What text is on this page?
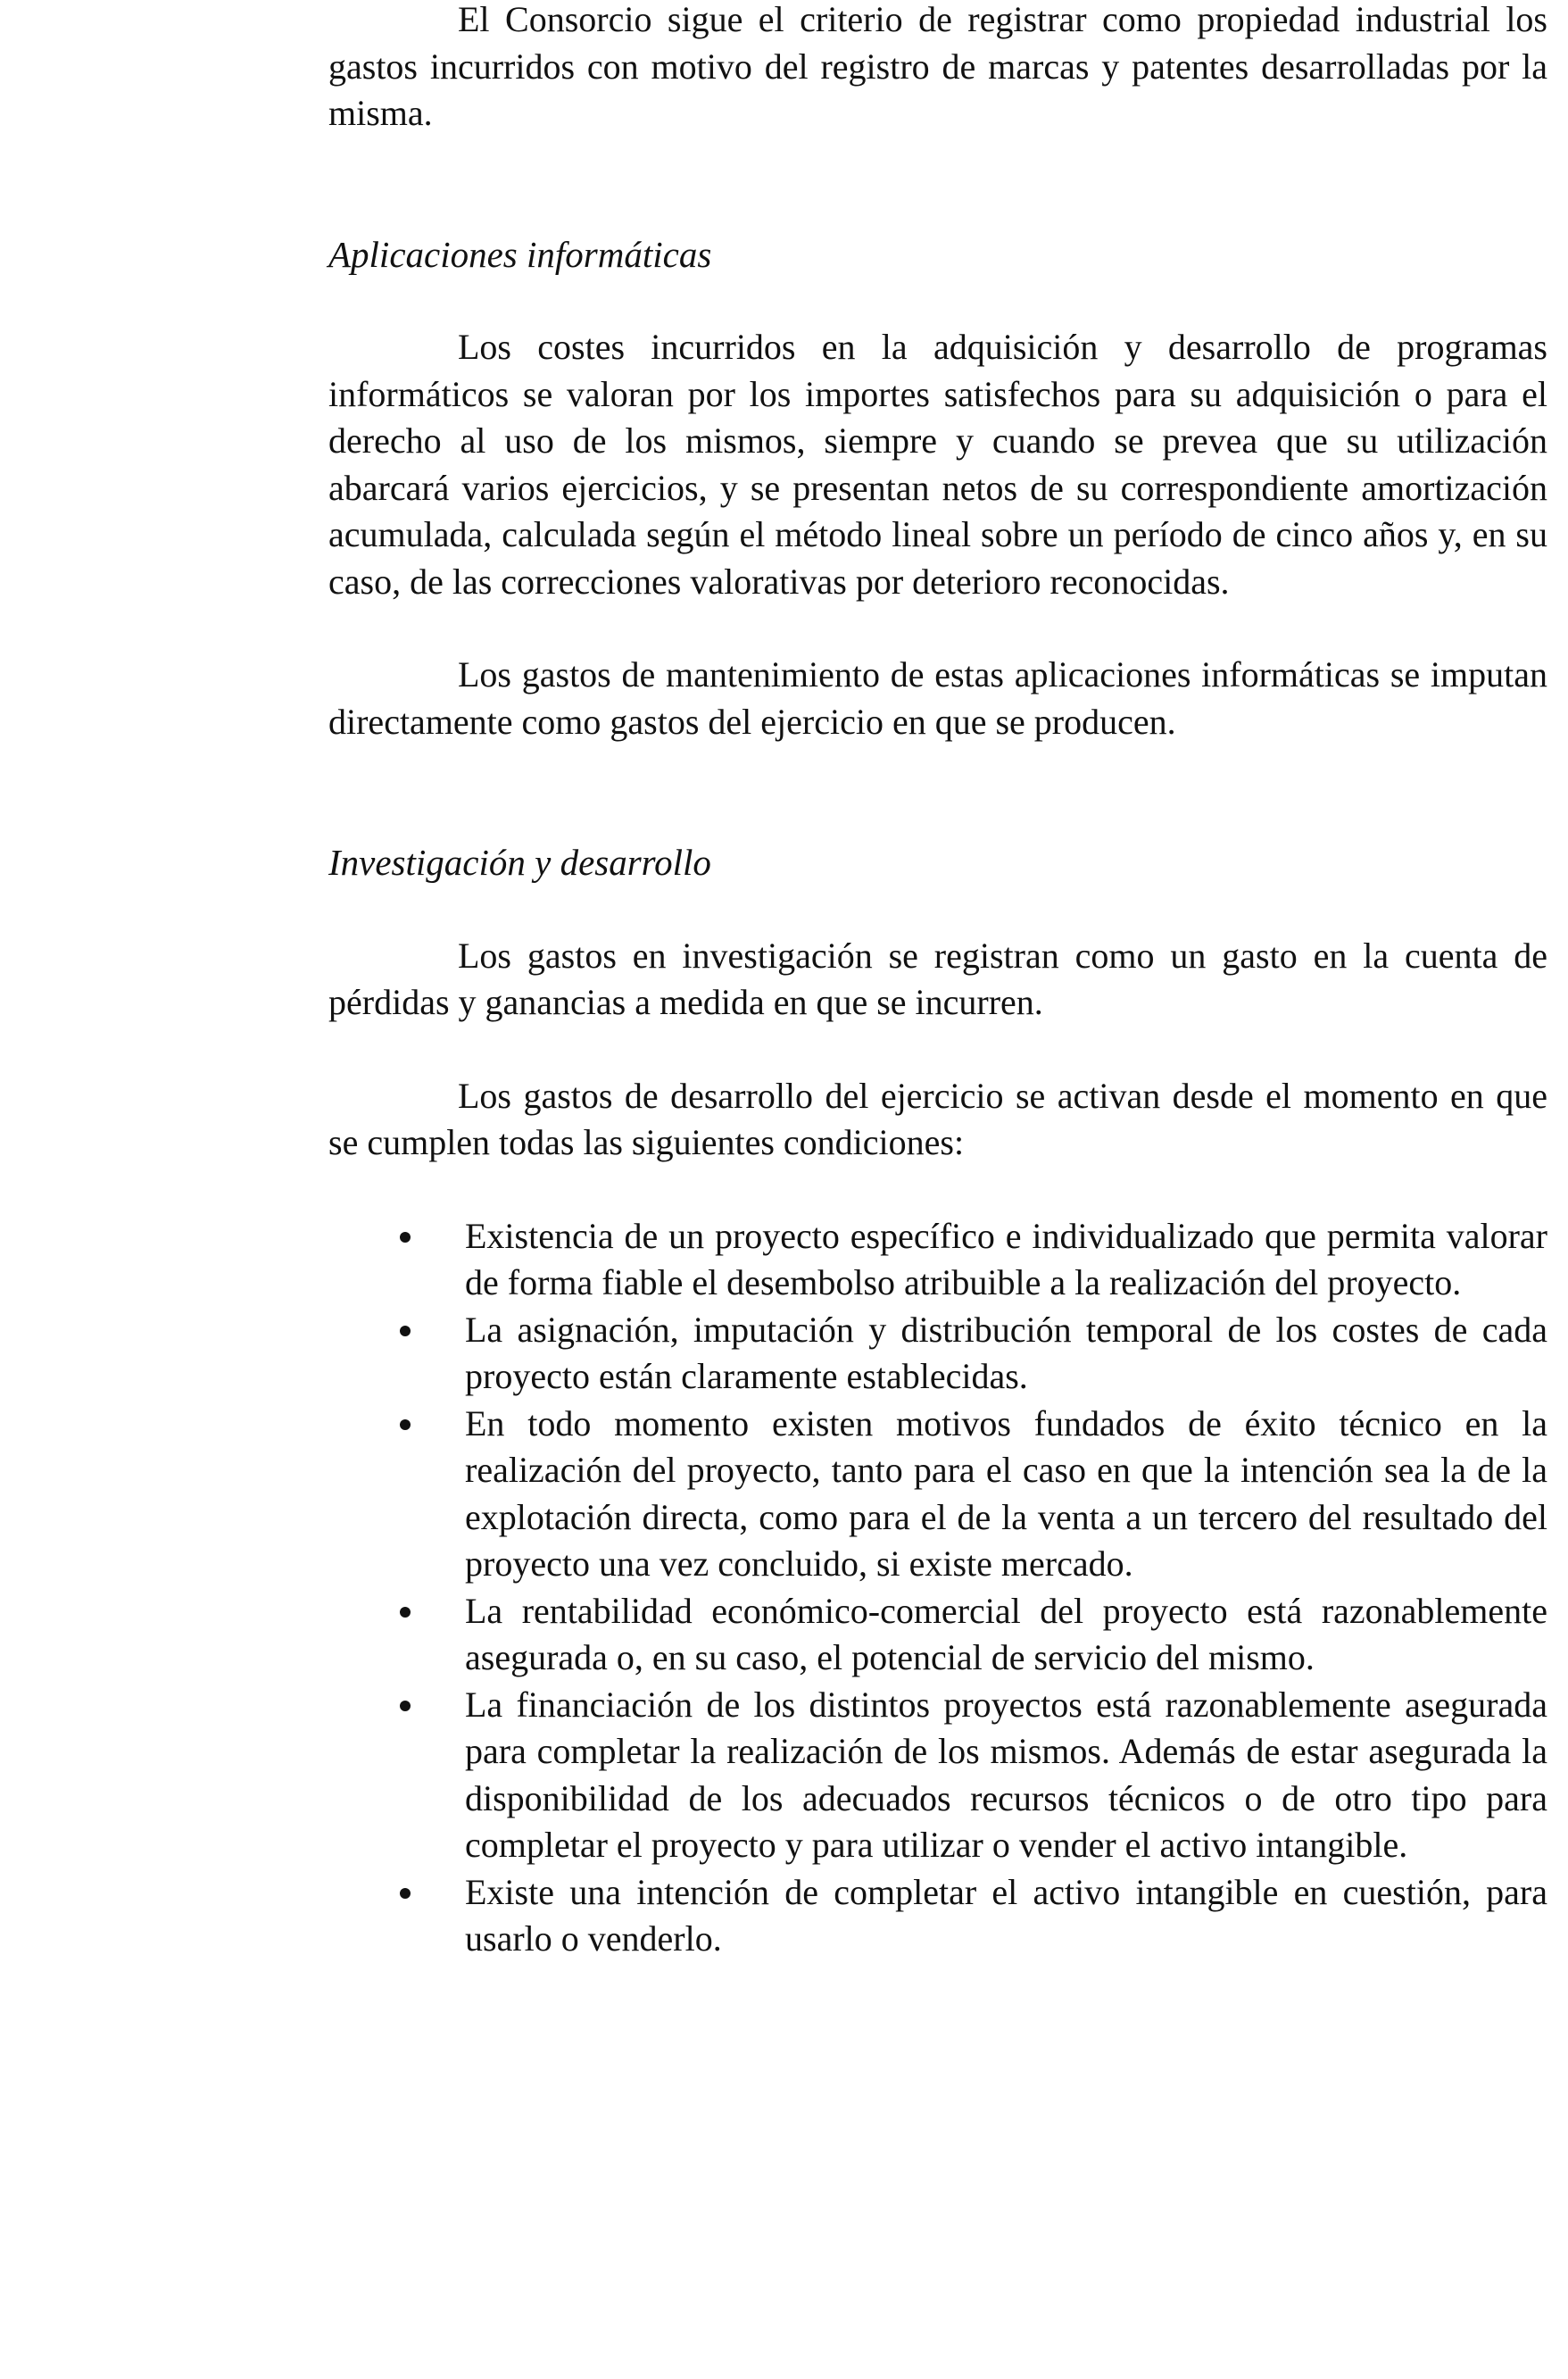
El Consorcio sigue el criterio de registrar como propiedad industrial los gastos incurridos con motivo del registro de marcas y patentes desarrolladas por la misma.

Aplicaciones informáticas

Los costes incurridos en la adquisición y desarrollo de programas informáticos se valoran por los importes satisfechos para su adquisición o para el derecho al uso de los mismos, siempre y cuando se prevea que su utilización abarcará varios ejercicios, y se presentan netos de su correspondiente amortización acumulada, calculada según el método lineal sobre un período de cinco años y, en su caso, de las correcciones valorativas por deterioro reconocidas.

Los gastos de mantenimiento de estas aplicaciones informáticas se imputan directamente como gastos del ejercicio en que se producen.

Investigación y desarrollo

Los gastos en investigación se registran como un gasto en la cuenta de pérdidas y ganancias a medida en que se incurren.

Los gastos de desarrollo del ejercicio se activan desde el momento en que se cumplen todas las siguientes condiciones:

Existencia de un proyecto específico e individualizado que permita valorar de forma fiable el desembolso atribuible a la realización del proyecto.
La asignación, imputación y distribución temporal de los costes de cada proyecto están claramente establecidas.
En todo momento existen motivos fundados de éxito técnico en la realización del proyecto, tanto para el caso en que la intención sea la de la explotación directa, como para el de la venta a un tercero del resultado del proyecto una vez concluido, si existe mercado.
La rentabilidad económico-comercial del proyecto está razonablemente asegurada o, en su caso, el potencial de servicio del mismo.
La financiación de los distintos proyectos está razonablemente asegurada para completar la realización de los mismos. Además de estar asegurada la disponibilidad de los adecuados recursos técnicos o de otro tipo para completar el proyecto y para utilizar o vender el activo intangible.
Existe una intención de completar el activo intangible en cuestión, para usarlo o venderlo.
